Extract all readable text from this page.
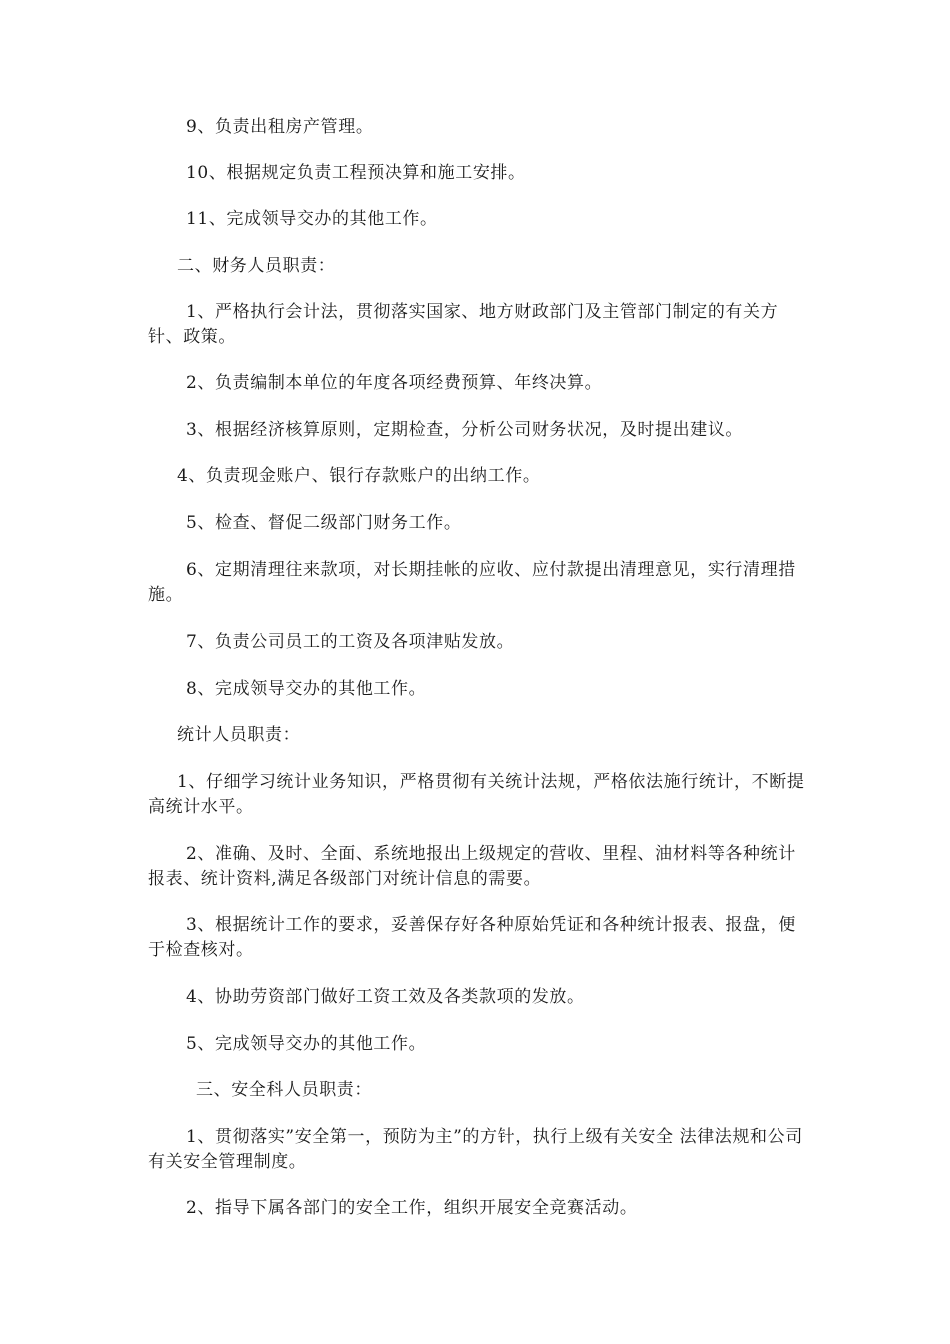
9、负责出租房产管理。

10、根据规定负责工程预决算和施工安排。

11、完成领导交办的其他工作。

二、财务人员职责：

1、严格执行会计法，贯彻落实国家、地方财政部门及主管部门制定的有关方针、政策。

2、负责编制本单位的年度各项经费预算、年终决算。

3、根据经济核算原则，定期检查，分析公司财务状况，及时提出建议。

4、负责现金账户、银行存款账户的出纳工作。

5、检查、督促二级部门财务工作。

6、定期清理往来款项，对长期挂帐的应收、应付款提出清理意见，实行清理措施。

7、负责公司员工的工资及各项津贴发放。

8、完成领导交办的其他工作。

统计人员职责：

1、仔细学习统计业务知识，严格贯彻有关统计法规，严格依法施行统计，不断提高统计水平。

2、准确、及时、全面、系统地报出上级规定的营收、里程、油材料等各种统计报表、统计资料,满足各级部门对统计信息的需要。

3、根据统计工作的要求，妥善保存好各种原始凭证和各种统计报表、报盘，便于检查核对。

4、协助劳资部门做好工资工效及各类款项的发放。

5、完成领导交办的其他工作。

三、安全科人员职责：

1、贯彻落实”安全第一，预防为主”的方针，执行上级有关安全 法律法规和公司有关安全管理制度。

2、指导下属各部门的安全工作，组织开展安全竞赛活动。
